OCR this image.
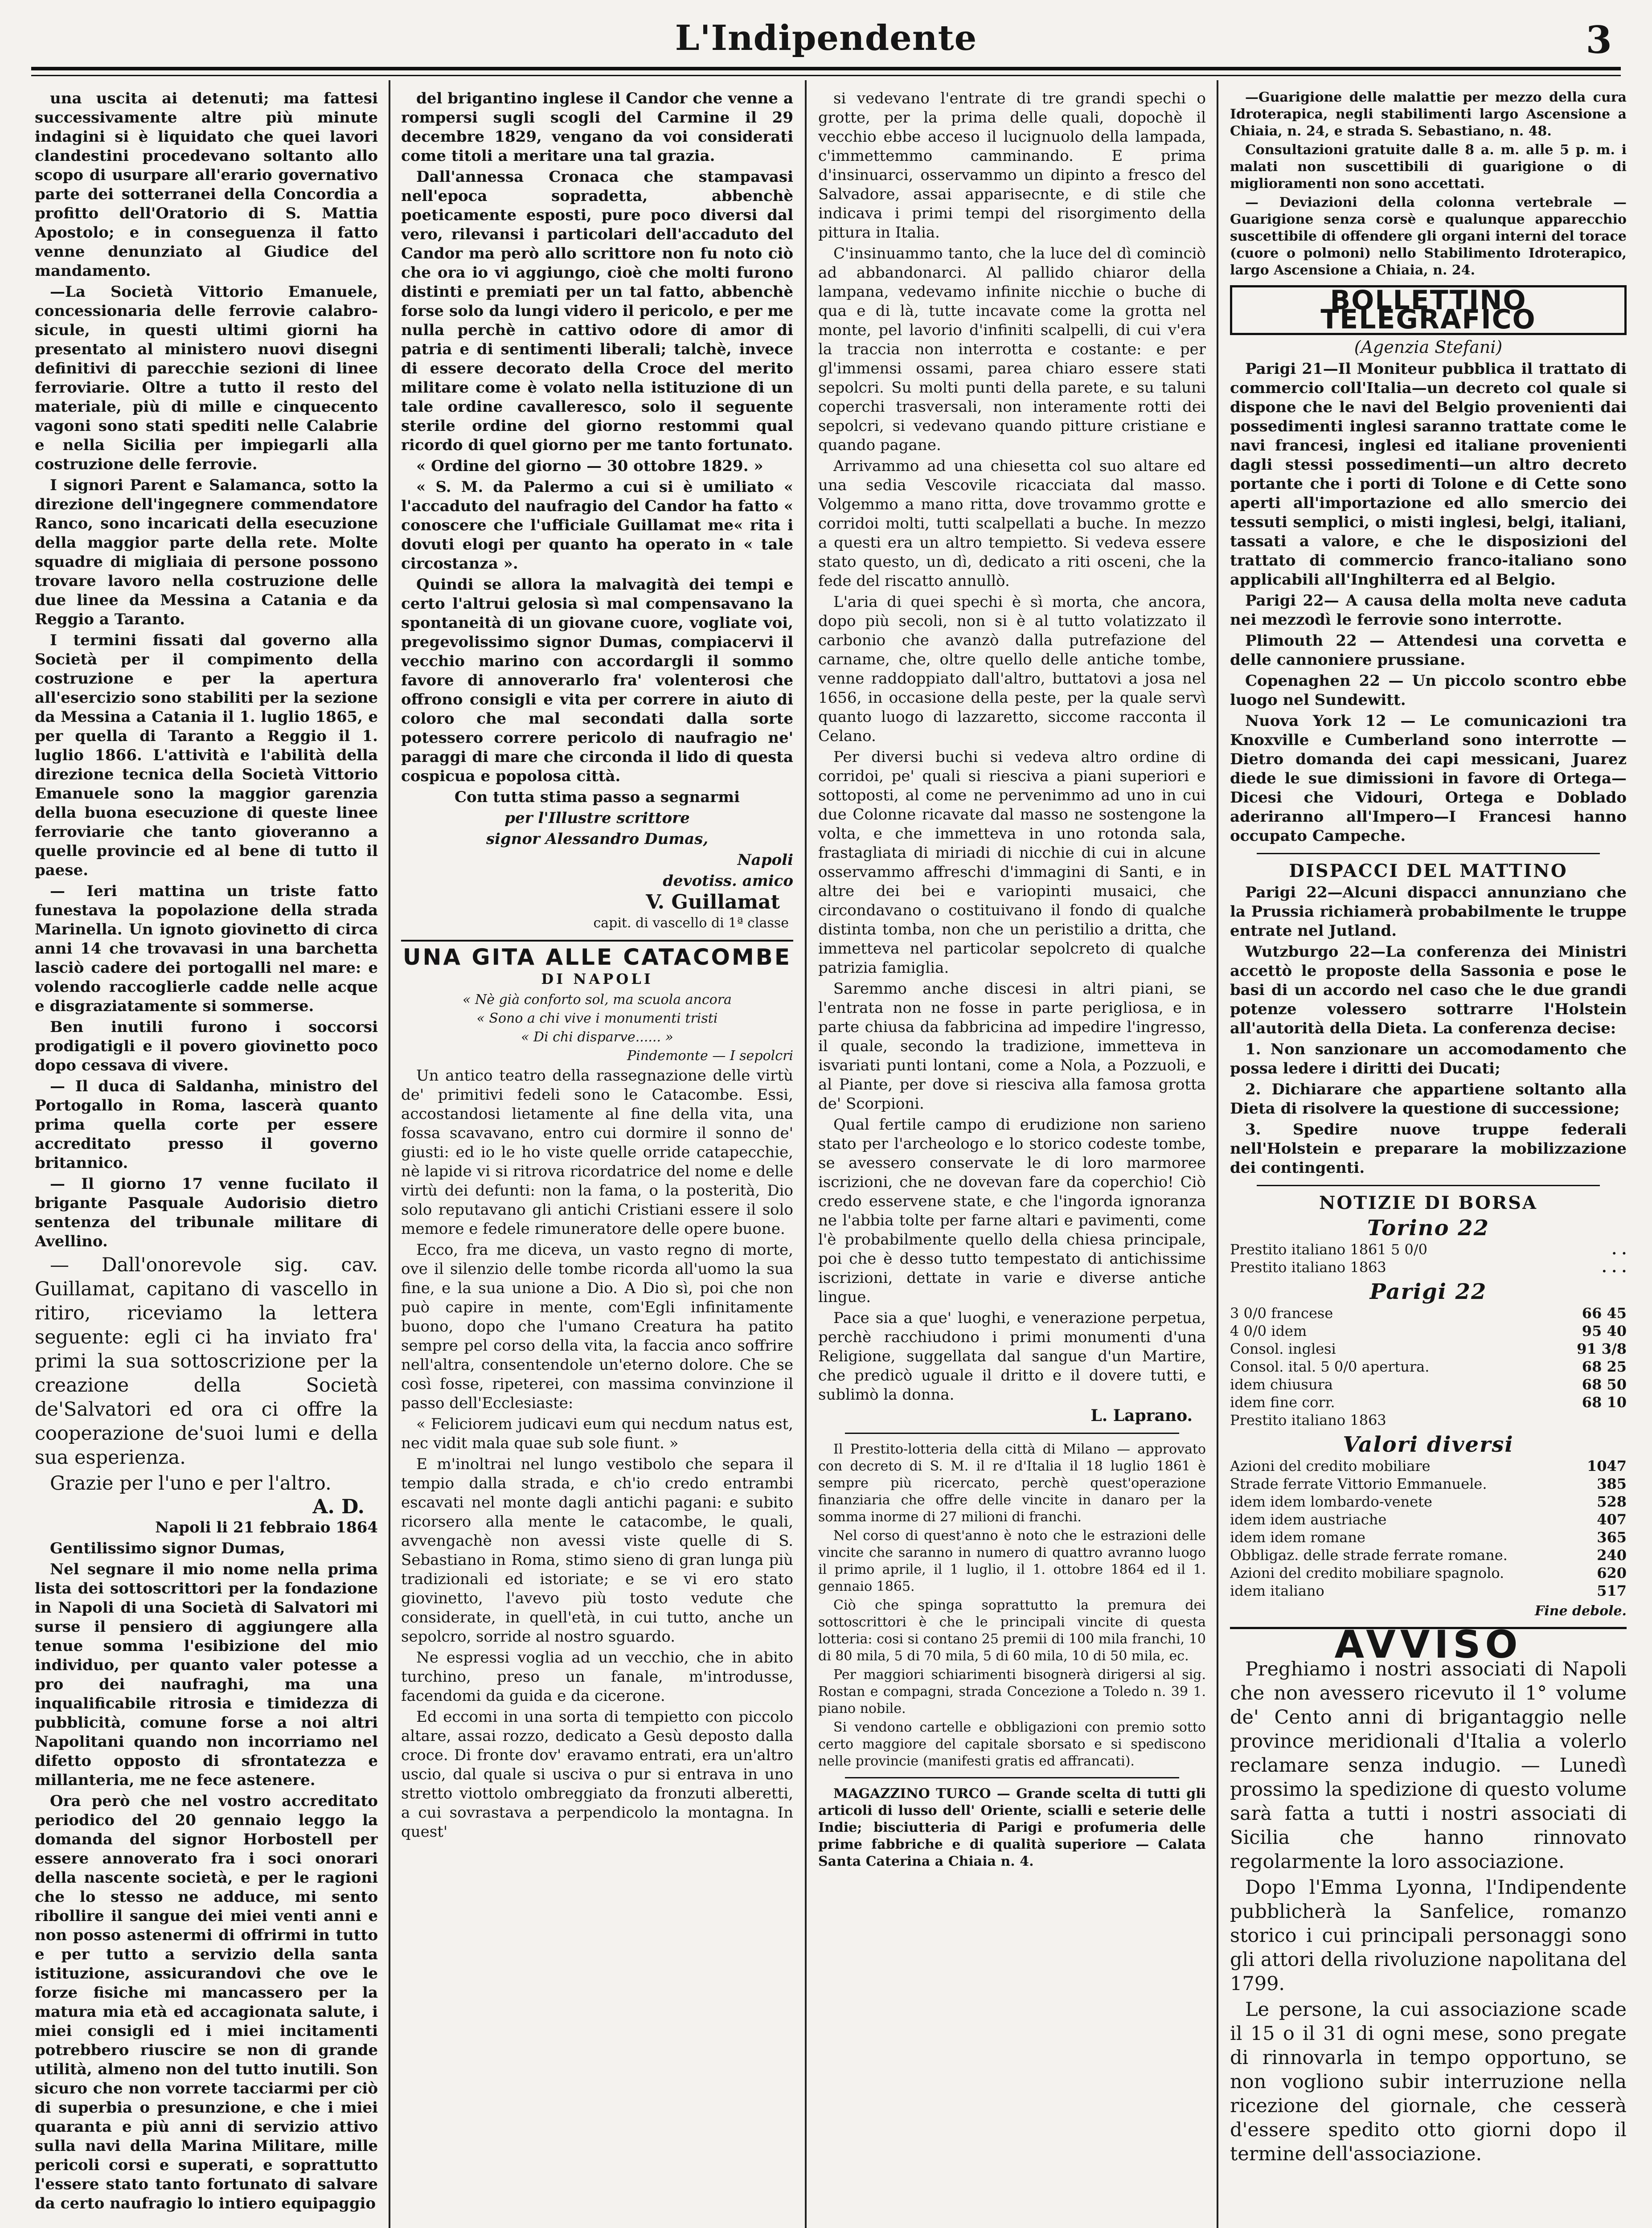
L'Indipendente	3

una uscita ai detenuti; ma fattesi successivamente altre più minute indagini si è liquidato che quei lavori clandestini procedevano soltanto allo scopo di usurpare all'erario governativo parte dei sotterranei della Concordia a profitto dell'Oratorio di S. Mattia Apostolo; e in conseguenza il fatto venne denunziato al Giudice del mandamento.

—La Società Vittorio Emanuele, concessionaria delle ferrovie calabro-sicule, in questi ultimi giorni ha presentato al ministero nuovi disegni definitivi di parecchie sezioni di linee ferroviarie. Oltre a tutto il resto del materiale, più di mille e cinquecento vagoni sono stati spediti nelle Calabrie e nella Sicilia per impiegarli alla costruzione delle ferrovie.

I signori Parent e Salamanca, sotto la direzione dell'ingegnere commendatore Ranco, sono incaricati della esecuzione della maggior parte della rete. Molte squadre di migliaia di persone possono trovare lavoro nella costruzione delle due linee da Messina a Catania e da Reggio a Taranto.

I termini fissati dal governo alla Società per il compimento della costruzione e per la apertura all'esercizio sono stabiliti per la sezione da Messina a Catania il 1. luglio 1865, e per quella di Taranto a Reggio il 1. luglio 1866. L'attività e l'abilità della direzione tecnica della Società Vittorio Emanuele sono la maggior garenzia della buona esecuzione di queste linee ferroviarie che tanto gioveranno a quelle provincie ed al bene di tutto il paese.

— Ieri mattina un triste fatto funestava la popolazione della strada Marinella. Un ignoto giovinetto di circa anni 14 che trovavasi in una barchetta lasciò cadere dei portogalli nel mare: e volendo raccoglierle cadde nelle acque e disgraziatamente si sommerse.

Ben inutili furono i soccorsi prodigatigli e il povero giovinetto poco dopo cessava di vivere.

— Il duca di Saldanha, ministro del Portogallo in Roma, lascerà quanto prima quella corte per essere accreditato presso il governo britannico.

— Il giorno 17 venne fucilato il brigante Pasquale Audorisio dietro sentenza del tribunale militare di Avellino.

— Dall'onorevole sig. cav. Guillamat, capitano di vascello in ritiro, riceviamo la lettera seguente: egli ci ha inviato fra' primi la sua sottoscrizione per la creazione della Società de'Salvatori ed ora ci offre la cooperazione de'suoi lumi e della sua esperienza.

Grazie per l'uno e per l'altro.

A. D.

Napoli li 21 febbraio 1864

Gentilissimo signor Dumas,

Nel segnare il mio nome nella prima lista dei sottoscrittori per la fondazione in Napoli di una Società di Salvatori mi surse il pensiero di aggiungere alla tenue somma l'esibizione del mio individuo, per quanto valer potesse a pro dei naufraghi, ma una inqualificabile ritrosia e timidezza di pubblicità, comune forse a noi altri Napolitani quando non incorriamo nel difetto opposto di sfrontatezza e millanteria, me ne fece astenere.

Ora però che nel vostro accreditato periodico del 20 gennaio leggo la domanda del signor Horbostell per essere annoverato fra i soci onorari della nascente società, e per le ragioni che lo stesso ne adduce, mi sento ribollire il sangue dei miei venti anni e non posso astenermi di offrirmi in tutto e per tutto a servizio della santa istituzione, assicurandovi che ove le forze fisiche mi mancassero per la matura mia età ed accagionata salute, i miei consigli ed i miei incitamenti potrebbero riuscire se non di grande utilità, almeno non del tutto inutili. Son sicuro che non vorrete tacciarmi per ciò di superbia o presunzione, e che i miei quaranta e più anni di servizio attivo sulla navi della Marina Militare, mille pericoli corsi e superati, e soprattutto l'essere stato tanto fortunato di salvare da certo naufragio lo intiero equipaggio

del brigantino inglese il Candor che venne a rompersi sugli scogli del Carmine il 29 decembre 1829, vengano da voi considerati come titoli a meritare una tal grazia.

Dall'annessa Cronaca che stampavasi nell'epoca sopradetta, abbenchè poeticamente esposti, pure poco diversi dal vero, rilevansi i particolari dell'accaduto del Candor ma però allo scrittore non fu noto ciò che ora io vi aggiungo, cioè che molti furono distinti e premiati per un tal fatto, abbenchè forse solo da lungi videro il pericolo, e per me nulla perchè in cattivo odore di amor di patria e di sentimenti liberali; talchè, invece di essere decorato della Croce del merito militare come è volato nella istituzione di un tale ordine cavalleresco, solo il seguente sterile ordine del giorno restommi qual ricordo di quel giorno per me tanto fortunato.

« Ordine del giorno — 30 ottobre 1829. »

« S. M. da Palermo a cui si è umiliato « l'accaduto del naufragio del Candor ha fatto « conoscere che l'ufficiale Guillamat me« rita i dovuti elogi per quanto ha operato in « tale circostanza ».

Quindi se allora la malvagità dei tempi e certo l'altrui gelosia sì mal compensavano la spontaneità di un giovane cuore, vogliate voi, pregevolissimo signor Dumas, compiacervi il vecchio marino con accordargli il sommo favore di annoverarlo fra' volenterosi che offrono consigli e vita per correre in aiuto di coloro che mal secondati dalla sorte potessero correre pericolo di naufragio ne' paraggi di mare che circonda il lido di questa cospicua e popolosa città.

Con tutta stima passo a segnarmi

per l'Illustre scrittore

signor Alessandro Dumas,

Napoli

devotiss. amico

V. Guillamat
capit. di vascello di 1ª classe
UNA GITA ALLE CATACOMBE
DI NAPOLI

« Nè già conforto sol, ma scuola ancora

« Sono a chi vive i monumenti tristi

« Di chi disparve...... »

Pindemonte — I sepolcri

Un antico teatro della rassegnazione delle virtù de' primitivi fedeli sono le Catacombe. Essi, accostandosi lietamente al fine della vita, una fossa scavavano, entro cui dormire il sonno de' giusti: ed io le ho viste quelle orride catapecchie, nè lapide vi si ritrova ricordatrice del nome e delle virtù dei defunti: non la fama, o la posterità, Dio solo reputavano gli antichi Cristiani essere il solo memore e fedele rimuneratore delle opere buone.

Ecco, fra me diceva, un vasto regno di morte, ove il silenzio delle tombe ricorda all'uomo la sua fine, e la sua unione a Dio. A Dio sì, poi che non può capire in mente, com'Egli infinitamente buono, dopo che l'umano Creatura ha patito sempre pel corso della vita, la faccia anco soffrire nell'altra, consentendole un'eterno dolore. Che se così fosse, ripeterei, con massima convinzione il passo dell'Ecclesiaste:

« Feliciorem judicavi eum qui necdum natus est, nec vidit mala quae sub sole fiunt. »

E m'inoltrai nel lungo vestibolo che separa il tempio dalla strada, e ch'io credo entrambi escavati nel monte dagli antichi pagani: e subito ricorsero alla mente le catacombe, le quali, avvengachè non avessi viste quelle di S. Sebastiano in Roma, stimo sieno di gran lunga più tradizionali ed istoriate; e se vi ero stato giovinetto, l'avevo più tosto vedute che considerate, in quell'età, in cui tutto, anche un sepolcro, sorride al nostro sguardo.

Ne espressi voglia ad un vecchio, che in abito turchino, preso un fanale, m'introdusse, facendomi da guida e da cicerone.

Ed eccomi in una sorta di tempietto con piccolo altare, assai rozzo, dedicato a Gesù deposto dalla croce. Di fronte dov' eravamo entrati, era un'altro uscio, dal quale si usciva o pur si entrava in uno stretto viottolo ombreggiato da fronzuti alberetti, a cui sovrastava a perpendicolo la montagna. In quest'

si vedevano l'entrate di tre grandi spechi o grotte, per la prima delle quali, dopochè il vecchio ebbe acceso il lucignuolo della lampada, c'immettemmo camminando. E prima d'insinuarci, osservammo un dipinto a fresco del Salvadore, assai apparisecnte, e di stile che indicava i primi tempi del risorgimento della pittura in Italia.

C'insinuammo tanto, che la luce del dì cominciò ad abbandonarci. Al pallido chiaror della lampana, vedevamo infinite nicchie o buche di qua e di là, tutte incavate come la grotta nel monte, pel lavorio d'infiniti scalpelli, di cui v'era la traccia non interrotta e costante: e per gl'immensi ossami, parea chiaro essere stati sepolcri. Su molti punti della parete, e su taluni coperchi trasversali, non interamente rotti dei sepolcri, si vedevano quando pitture cristiane e quando pagane.

Arrivammo ad una chiesetta col suo altare ed una sedia Vescovile ricacciata dal masso. Volgemmo a mano ritta, dove trovammo grotte e corridoi molti, tutti scalpellati a buche. In mezzo a questi era un altro tempietto. Si vedeva essere stato questo, un dì, dedicato a riti osceni, che la fede del riscatto annullò.

L'aria di quei spechi è sì morta, che ancora, dopo più secoli, non si è al tutto volatizzato il carbonio che avanzò dalla putrefazione del carname, che, oltre quello delle antiche tombe, venne raddoppiato dall'altro, buttatovi a josa nel 1656, in occasione della peste, per la quale servì quanto luogo di lazzaretto, siccome racconta il Celano.

Per diversi buchi si vedeva altro ordine di corridoi, pe' quali si riesciva a piani superiori e sottoposti, al come ne pervenimmo ad uno in cui due Colonne ricavate dal masso ne sostengone la volta, e che immetteva in uno rotonda sala, frastagliata di miriadi di nicchie di cui in alcune osservammo affreschi d'immagini di Santi, e in altre dei bei e variopinti musaici, che circondavano o costituivano il fondo di qualche distinta tomba, non che un peristilio a dritta, che immetteva nel particolar sepolcreto di qualche patrizia famiglia.

Saremmo anche discesi in altri piani, se l'entrata non ne fosse in parte perigliosa, e in parte chiusa da fabbricina ad impedire l'ingresso, il quale, secondo la tradizione, immetteva in isvariati punti lontani, come a Nola, a Pozzuoli, e al Piante, per dove si riesciva alla famosa grotta de' Scorpioni.

Qual fertile campo di erudizione non sarieno stato per l'archeologo e lo storico codeste tombe, se avessero conservate le di loro marmoree iscrizioni, che ne dovevan fare da coperchio! Ciò credo esservene state, e che l'ingorda ignoranza ne l'abbia tolte per farne altari e pavimenti, come l'è probabilmente quello della chiesa principale, poi che è desso tutto tempestato di antichissime iscrizioni, dettate in varie e diverse antiche lingue.

Pace sia a que' luoghi, e venerazione perpetua, perchè racchiudono i primi monumenti d'una Religione, suggellata dal sangue d'un Martire, che predicò uguale il dritto e il dovere tutti, e sublimò la donna.

L. Laprano.

Il Prestito-lotteria della città di Milano — approvato con decreto di S. M. il re d'Italia il 18 luglio 1861 è sempre più ricercato, perchè quest'operazione finanziaria che offre delle vincite in danaro per la somma inorme di 27 milioni di franchi.

Nel corso di quest'anno è noto che le estrazioni delle vincite che saranno in numero di quattro avranno luogo il primo aprile, il 1 luglio, il 1. ottobre 1864 ed il 1. gennaio 1865.

Ciò che spinga soprattutto la premura dei sottoscrittori è che le principali vincite di questa lotteria: cosi si contano 25 premii di 100 mila franchi, 10 di 80 mila, 5 di 70 mila, 5 di 60 mila, 10 di 50 mila, ec.

Per maggiori schiarimenti bisognerà dirigersi al sig. Rostan e compagni, strada Concezione a Toledo n. 39 1. piano nobile.

Si vendono cartelle e obbligazioni con premio sotto certo maggiore del capitale sborsato e si spediscono nelle provincie (manifesti gratis ed affrancati).

MAGAZZINO TURCO — Grande scelta di tutti gli articoli di lusso dell' Oriente, scialli e seterie delle Indie; bisciutteria di Parigi e profumeria delle prime fabbriche e di qualità superiore — Calata Santa Caterina a Chiaia n. 4.

—Guarigione delle malattie per mezzo della cura Idroterapica, negli stabilimenti largo Ascensione a Chiaia, n. 24, e strada S. Sebastiano, n. 48.

Consultazioni gratuite dalle 8 a. m. alle 5 p. m. i malati non suscettibili di guarigione o di miglioramenti non sono accettati.

— Deviazioni della colonna vertebrale — Guarigione senza corsè e qualunque apparecchio suscettibile di offendere gli organi interni del torace (cuore o polmoni) nello Stabilimento Idroterapico, largo Ascensione a Chiaia, n. 24.

BOLLETTINO TELEGRAFICO
(Agenzia Stefani)

Parigi 21—Il Moniteur pubblica il trattato di commercio coll'Italia—un decreto col quale si dispone che le navi del Belgio provenienti dai possedimenti inglesi saranno trattate come le navi francesi, inglesi ed italiane provenienti dagli stessi possedimenti—un altro decreto portante che i porti di Tolone e di Cette sono aperti all'importazione ed allo smercio dei tessuti semplici, o misti inglesi, belgi, italiani, tassati a valore, e che le disposizioni del trattato di commercio franco-italiano sono applicabili all'Inghilterra ed al Belgio.

Parigi 22— A causa della molta neve caduta nei mezzodì le ferrovie sono interrotte.

Plimouth 22 — Attendesi una corvetta e delle cannoniere prussiane.

Copenaghen 22 — Un piccolo scontro ebbe luogo nel Sundewitt.

Nuova York 12 — Le comunicazioni tra Knoxville e Cumberland sono interrotte — Dietro domanda dei capi messicani, Juarez diede le sue dimissioni in favore di Ortega—Dicesi che Vidouri, Ortega e Doblado aderiranno all'Impero—I Francesi hanno occupato Campeche.

DISPACCI DEL MATTINO

Parigi 22—Alcuni dispacci annunziano che la Prussia richiamerà probabilmente le truppe entrate nel Jutland.

Wutzburgo 22—La conferenza dei Ministri accettò le proposte della Sassonia e pose le basi di un accordo nel caso che le due grandi potenze volessero sottrarre l'Holstein all'autorità della Dieta. La conferenza decise:

1. Non sanzionare un accomodamento che possa ledere i diritti dei Ducati;

2. Dichiarare che appartiene soltanto alla Dieta di risolvere la questione di successione;

3. Spedire nuove truppe federali nell'Holstein e preparare la mobilizzazione dei contingenti.

NOTIZIE DI BORSA
Torino 22
Prestito italiano 1861 5 0/0	. .
Prestito italiano 1863	. . .
Parigi 22
3 0/0 francese	66 45
4 0/0 idem	95 40
Consol. inglesi	91 3/8
Consol. ital. 5 0/0 apertura.	68 25
idem chiusura	68 50
idem fine corr.	68 10
Prestito italiano 1863	
Valori diversi
Azioni del credito mobiliare	1047
Strade ferrate Vittorio Emmanuele.	385
idem idem lombardo-venete	528
idem idem austriache	407
idem idem romane	365
Obbligaz. delle strade ferrate romane.	240
Azioni del credito mobiliare spagnolo.	620
idem italiano	517
Fine debole.
AVVISO

Preghiamo i nostri associati di Napoli che non avessero ricevuto il 1° volume de' Cento anni di brigantaggio nelle province meridionali d'Italia a volerlo reclamare senza indugio. — Lunedì prossimo la spedizione di questo volume sarà fatta a tutti i nostri associati di Sicilia che hanno rinnovato regolarmente la loro associazione.

Dopo l'Emma Lyonna, l'Indipendente pubblicherà la Sanfelice, romanzo storico i cui principali personaggi sono gli attori della rivoluzione napolitana del 1799.

Le persone, la cui associazione scade il 15 o il 31 di ogni mese, sono pregate di rinnovarla in tempo opportuno, se non vogliono subir interruzione nella ricezione del giornale, che cesserà d'essere spedito otto giorni dopo il termine dell'associazione.
